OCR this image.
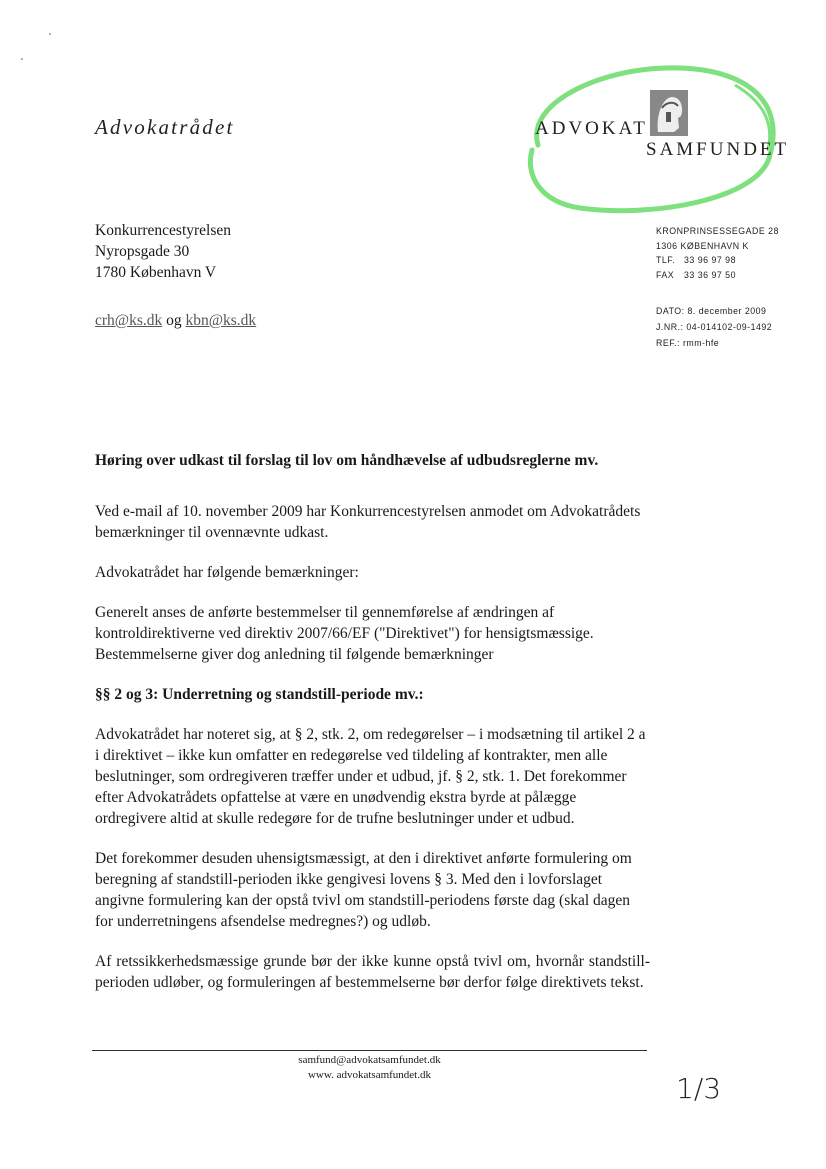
Advokatrådet	ADVOKAT
SAMFUNDET
Konkurrencestyrelsen
Nyropsgade 30
1780 København V
crh@ks.dk og kbn@ks.dk
KRONPRINSESSEGADE 28
1306 KØBENHAVN K
TLF. 33 96 97 98
FAX 33 36 97 50
DATO: 8. december 2009
J.NR.: 04-014102-09-1492
REF.: rmm-hfe
Høring over udkast til forslag til lov om håndhævelse af udbudsreglerne mv.

Ved e-mail af 10. november 2009 har Konkurrencestyrelsen anmodet om Advokatrådets bemærkninger til ovennævnte udkast.

Advokatrådet har følgende bemærkninger:

Generelt anses de anførte bestemmelser til gennemførelse af ændringen af kontroldirektiverne ved direktiv 2007/66/EF ("Direktivet") for hensigtsmæssige. Bestemmelserne giver dog anledning til følgende bemærkninger

§§ 2 og 3: Underretning og standstill-periode mv.:

Advokatrådet har noteret sig, at § 2, stk. 2, om redegørelser – i modsætning til artikel 2 a i direktivet – ikke kun omfatter en redegørelse ved tildeling af kontrakter, men alle beslutninger, som ordregiveren træffer under et udbud, jf. § 2, stk. 1. Det forekommer efter Advokatrådets opfattelse at være en unødvendig ekstra byrde at pålægge ordregivere altid at skulle redegøre for de trufne beslutninger under et udbud.

Det forekommer desuden uhensigtsmæssigt, at den i direktivet anførte formulering om beregning af standstill-perioden ikke gengivesi lovens § 3. Med den i lovforslaget angivne formulering kan der opstå tvivl om standstill-periodens første dag (skal dagen for underretningens afsendelse medregnes?) og udløb.

Af retssikkerhedsmæssige grunde bør der ikke kunne opstå tvivl om, hvornår standstill-perioden udløber, og formuleringen af bestemmelserne bør derfor følge direktivets tekst.

samfund@advokatsamfundet.dk
www. advokatsamfundet.dk	1/3
